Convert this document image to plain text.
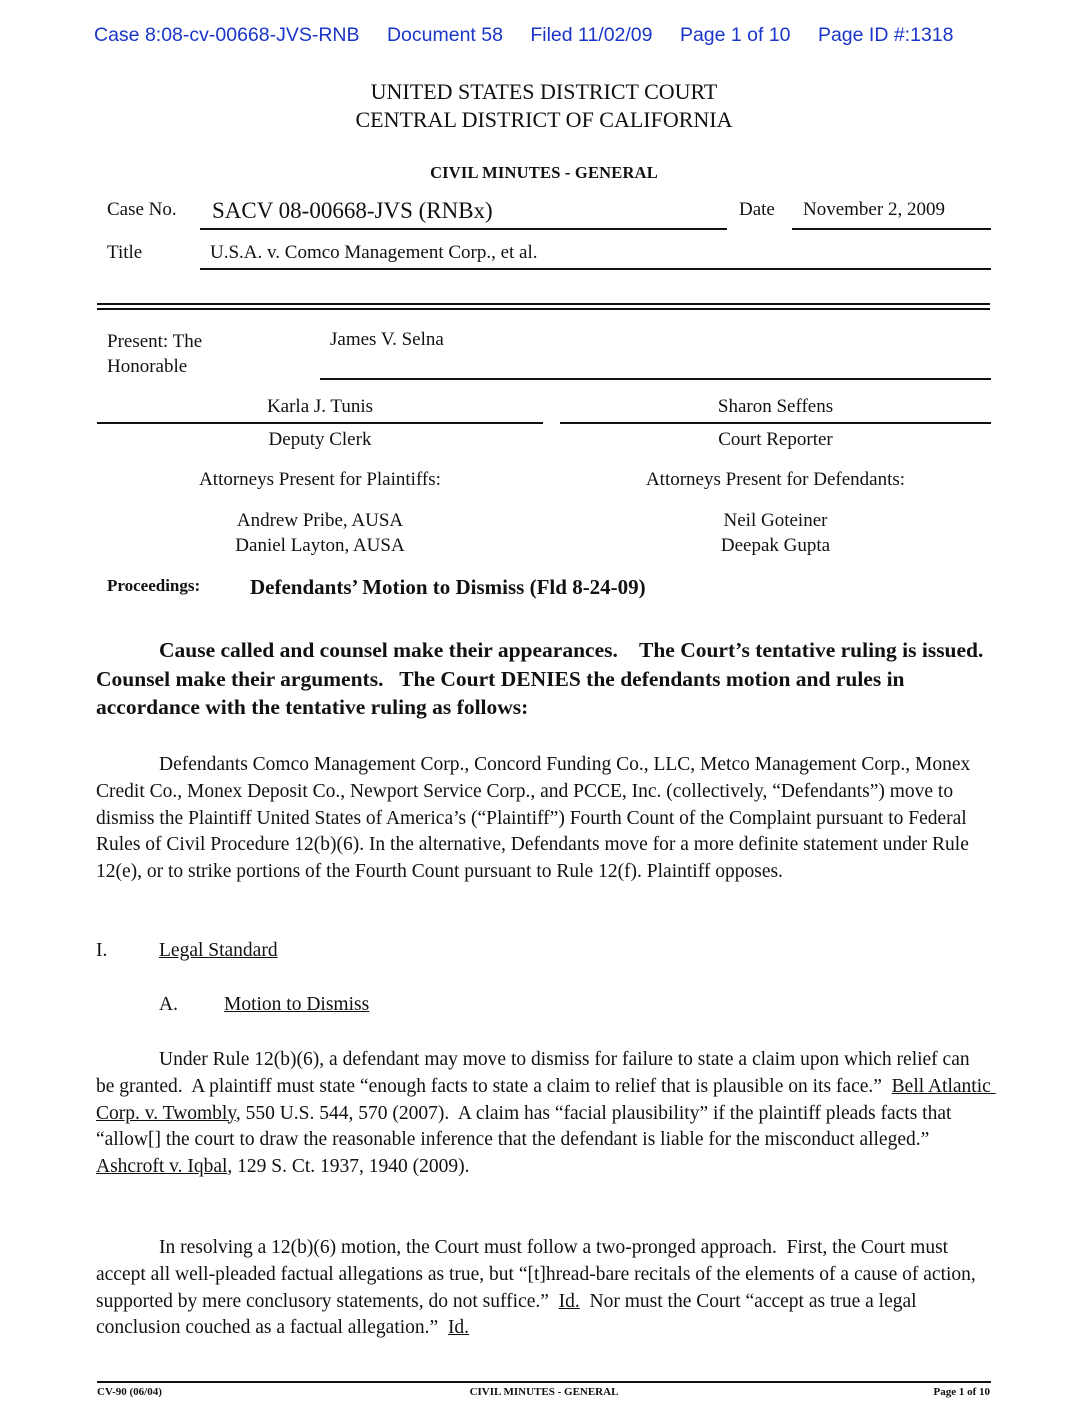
Case 8:08-cv-00668-JVS-RNB Document 58 Filed 11/02/09 Page 1 of 10 Page ID #:1318
UNITED STATES DISTRICT COURT
CENTRAL DISTRICT OF CALIFORNIA
CIVIL MINUTES - GENERAL
Case No. SACV 08-00668-JVS (RNBx)	Date November 2, 2009
Title	U.S.A. v. Comco Management Corp., et al.
Present: The
Honorable
James V. Selna
Karla J. Tunis
Deputy Clerk
Sharon Seffens
Court Reporter
Attorneys Present for Plaintiffs:
Andrew Pribe, AUSA
Daniel Layton, AUSA
Attorneys Present for Defendants:
Neil Goteiner
Deepak Gupta
Proceedings: Defendants’ Motion to Dismiss (Fld 8-24-09)
Cause called and counsel make their appearances.    The Court’s tentative ruling is issued.    Counsel make their arguments.   The Court DENIES the defendants motion and rules in accordance with the tentative ruling as follows:
Defendants Comco Management Corp., Concord Funding Co., LLC, Metco Management Corp., Monex Credit Co., Monex Deposit Co., Newport Service Corp., and PCCE, Inc. (collectively, “Defendants”) move to dismiss the Plaintiff United States of America’s (“Plaintiff”) Fourth Count of the Complaint pursuant to Federal Rules of Civil Procedure 12(b)(6). In the alternative, Defendants move for a more definite statement under Rule 12(e), or to strike portions of the Fourth Count pursuant to Rule 12(f). Plaintiff opposes.
I.	Legal Standard
A. Motion to Dismiss
Under Rule 12(b)(6), a defendant may move to dismiss for failure to state a claim upon which relief can be granted.  A plaintiff must state “enough facts to state a claim to relief that is plausible on its face.”  Bell Atlantic Corp. v. Twombly, 550 U.S. 544, 570 (2007).  A claim has “facial plausibility” if the plaintiff pleads facts that “allow[] the court to draw the reasonable inference that the defendant is liable for the misconduct alleged.”  Ashcroft v. Iqbal, 129 S. Ct. 1937, 1940 (2009).
In resolving a 12(b)(6) motion, the Court must follow a two-pronged approach.  First, the Court must accept all well-pleaded factual allegations as true, but “[t]hread-bare recitals of the elements of a cause of action, supported by mere conclusory statements, do not suffice.”  Id.  Nor must the Court “accept as true a legal conclusion couched as a factual allegation.”  Id.
CV-90 (06/04)	CIVIL MINUTES - GENERAL	Page 1 of 10
